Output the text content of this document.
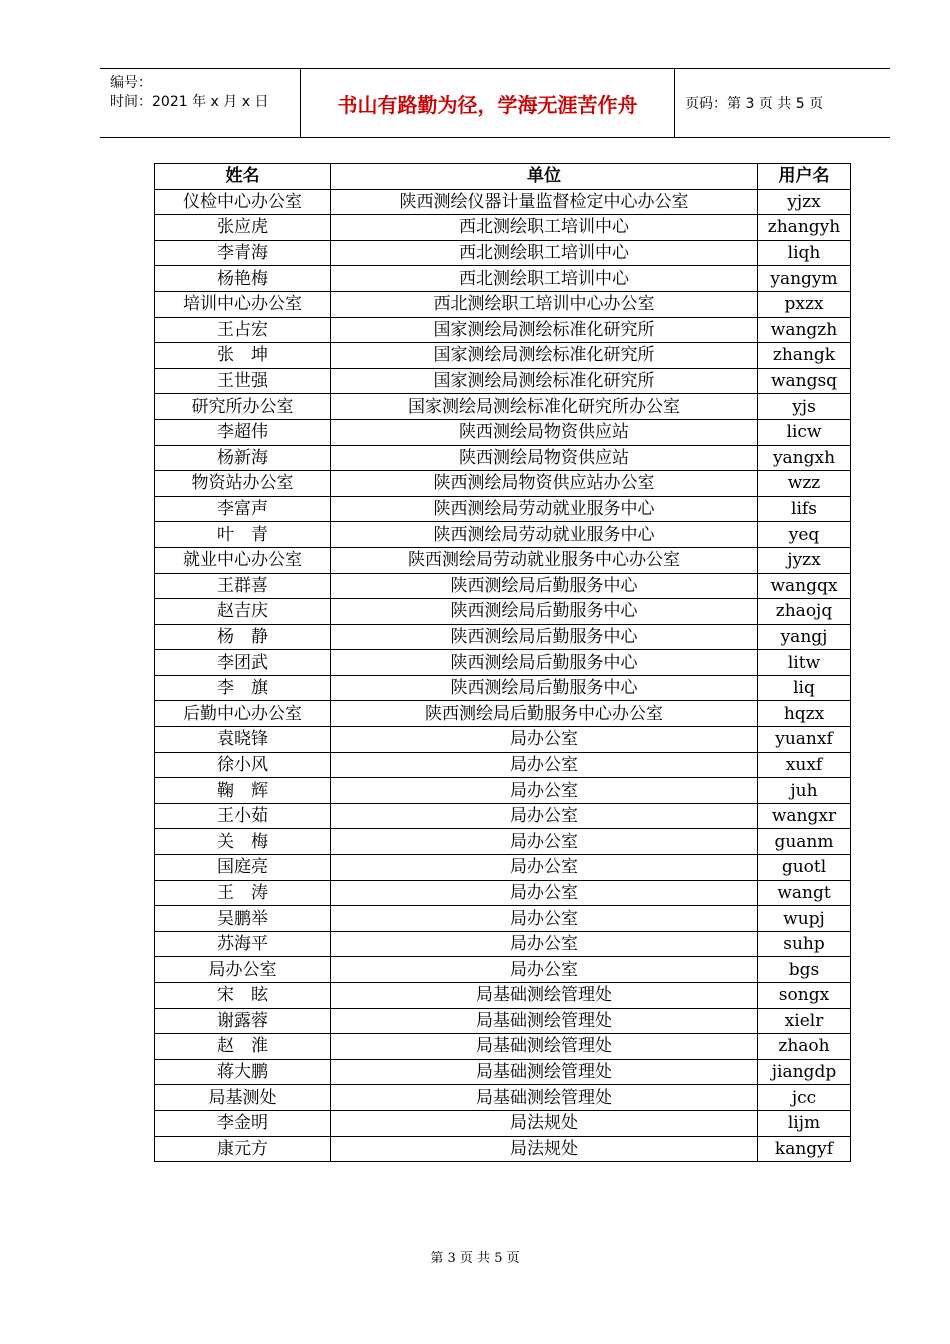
编号：
时间：2021 年 x 月 x 日	书山有路勤为径，学海无涯苦作舟	页码：第 3 页 共 5 页
姓名	单位	用户名
仪检中心办公室	陕西测绘仪器计量监督检定中心办公室	yjzx
张应虎	西北测绘职工培训中心	zhangyh
李青海	西北测绘职工培训中心	liqh
杨艳梅	西北测绘职工培训中心	yangym
培训中心办公室	西北测绘职工培训中心办公室	pxzx
王占宏	国家测绘局测绘标准化研究所	wangzh
张　坤	国家测绘局测绘标准化研究所	zhangk
王世强	国家测绘局测绘标准化研究所	wangsq
研究所办公室	国家测绘局测绘标准化研究所办公室	yjs
李超伟	陕西测绘局物资供应站	licw
杨新海	陕西测绘局物资供应站	yangxh
物资站办公室	陕西测绘局物资供应站办公室	wzz
李富声	陕西测绘局劳动就业服务中心	lifs
叶　青	陕西测绘局劳动就业服务中心	yeq
就业中心办公室	陕西测绘局劳动就业服务中心办公室	jyzx
王群喜	陕西测绘局后勤服务中心	wangqx
赵吉庆	陕西测绘局后勤服务中心	zhaojq
杨　静	陕西测绘局后勤服务中心	yangj
李团武	陕西测绘局后勤服务中心	litw
李　旗	陕西测绘局后勤服务中心	liq
后勤中心办公室	陕西测绘局后勤服务中心办公室	hqzx
袁晓锋	局办公室	yuanxf
徐小风	局办公室	xuxf
鞠　辉	局办公室	juh
王小茹	局办公室	wangxr
关　梅	局办公室	guanm
国庭亮	局办公室	guotl
王　涛	局办公室	wangt
吴鹏举	局办公室	wupj
苏海平	局办公室	suhp
局办公室	局办公室	bgs
宋　眩	局基础测绘管理处	songx
谢露蓉	局基础测绘管理处	xielr
赵　淮	局基础测绘管理处	zhaoh
蒋大鹏	局基础测绘管理处	jiangdp
局基测处	局基础测绘管理处	jcc
李金明	局法规处	lijm
康元方	局法规处	kangyf
第 3 页 共 5 页
